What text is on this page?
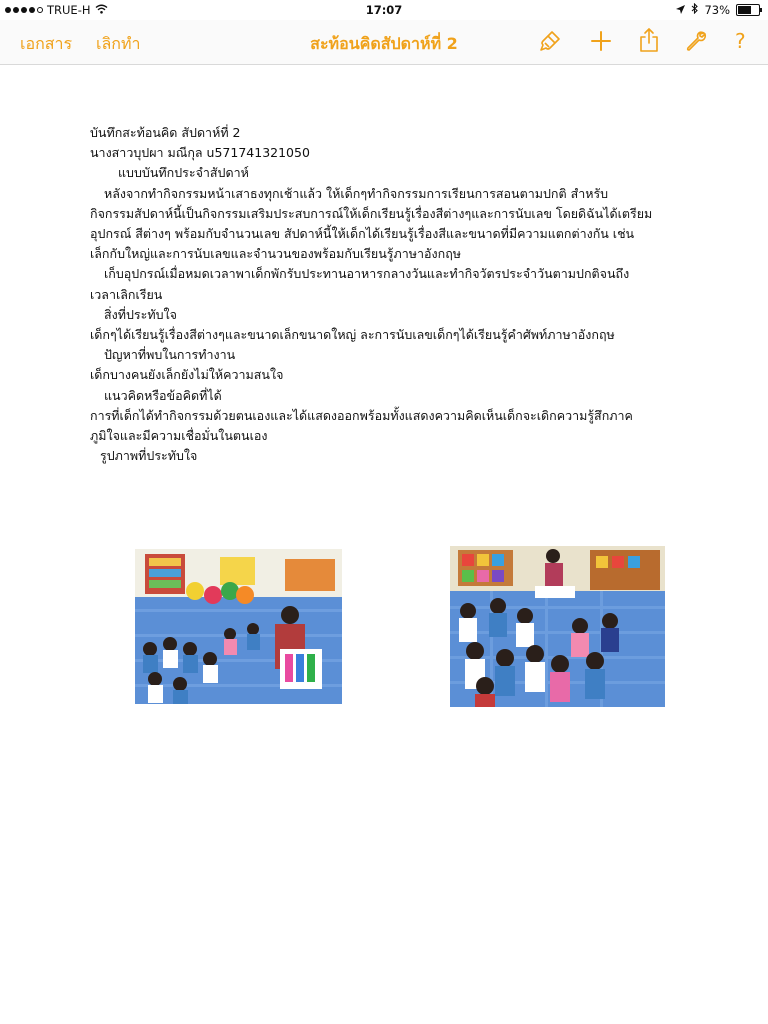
TRUE-H	17:07	73%
เอกสาร เลิกทำ	สะท้อนคิดสัปดาห์ที่ 2	?

บันทึกสะท้อนคิด สัปดาห์ที่ 2

นางสาวบุปผา มณีกุล u571741321050

แบบบันทึกประจำสัปดาห์

หลังจากทำกิจกรรมหน้าเสาธงทุกเช้าแล้ว ให้เด็กๆทำกิจกรรมการเรียนการสอนตามปกติ สำหรับ

กิจกรรมสัปดาห์นี้เป็นกิจกรรมเสริมประสบการณ์ให้เด็กเรียนรู้เรื่องสีต่างๆและการนับเลข โดยดิฉันได้เตรียม

อุปกรณ์ สีต่างๆ พร้อมกับจำนวนเลข สัปดาห์นี้ให้เด็กได้เรียนรู้เรื่องสีและขนาดที่มีความแตกต่างกัน เช่น

เล็กกับใหญ่และการนับเลขและจำนวนของพร้อมกับเรียนรู้ภาษาอังกฤษ

เก็บอุปกรณ์เมื่อหมดเวลาพาเด็กพักรับประทานอาหารกลางวันและทำกิจวัตรประจำวันตามปกติจนถึง

เวลาเลิกเรียน

สิ่งที่ประทับใจ

เด็กๆได้เรียนรู้เรื่องสีต่างๆและขนาดเล็กขนาดใหญ่ ละการนับเลขเด็กๆได้เรียนรู้คำศัพท์ภาษาอังกฤษ

ปัญหาที่พบในการทำงาน

เด็กบางคนยังเล็กยังไม่ให้ความสนใจ

แนวคิดหรือข้อคิดที่ได้

การที่เด็กได้ทำกิจกรรมด้วยตนเองและได้แสดงออกพร้อมทั้งแสดงความคิดเห็นเด็กจะเดิกความรู้สึกภาค

ภูมิใจและมีความเชื่อมั่นในตนเอง

รูปภาพที่ประทับใจ
